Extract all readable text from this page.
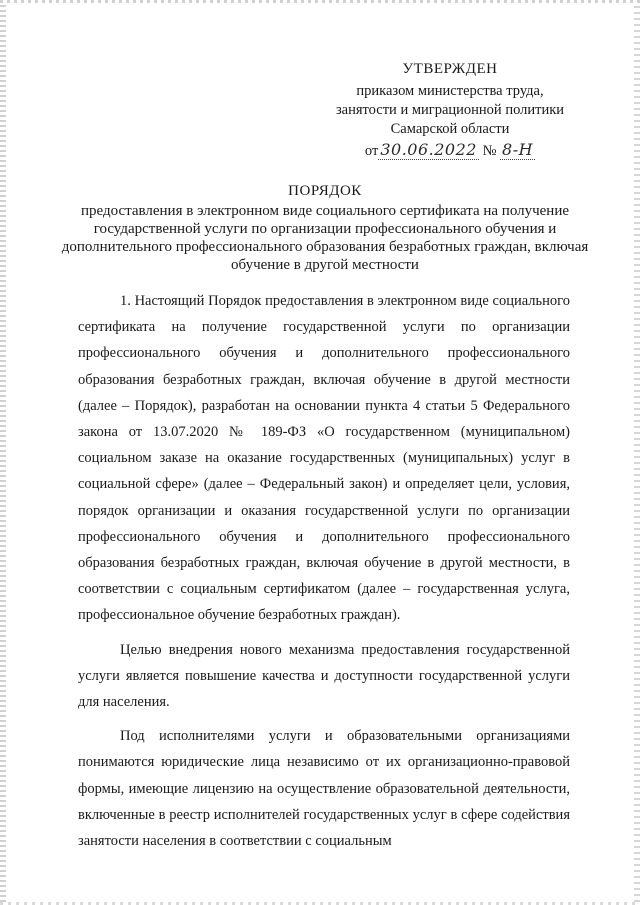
УТВЕРЖДЕН
приказом министерства труда,
занятости и миграционной политики
Самарской области
от 30.06.2022 № 8-Н
ПОРЯДОК
предоставления в электронном виде социального сертификата на получение государственной услуги по организации профессионального обучения и дополнительного профессионального образования безработных граждан, включая обучение в другой местности

1. Настоящий Порядок предоставления в электронном виде социального сертификата на получение государственной услуги по организации профессионального обучения и дополнительного профессионального образования безработных граждан, включая обучение в другой местности (далее – Порядок), разработан на основании пункта 4 статьи 5 Федерального закона от 13.07.2020 № 189-ФЗ «О государственном (муниципальном) социальном заказе на оказание государственных (муниципальных) услуг в социальной сфере» (далее – Федеральный закон) и определяет цели, условия, порядок организации и оказания государственной услуги по организации профессионального обучения и дополнительного профессионального образования безработных граждан, включая обучение в другой местности, в соответствии с социальным сертификатом (далее – государственная услуга, профессиональное обучение безработных граждан).

Целью внедрения нового механизма предоставления государственной услуги является повышение качества и доступности государственной услуги для населения.

Под исполнителями услуги и образовательными организациями понимаются юридические лица независимо от их организационно-правовой формы, имеющие лицензию на осуществление образовательной деятельности, включенные в реестр исполнителей государственных услуг в сфере содействия занятости населения в соответствии с социальным
